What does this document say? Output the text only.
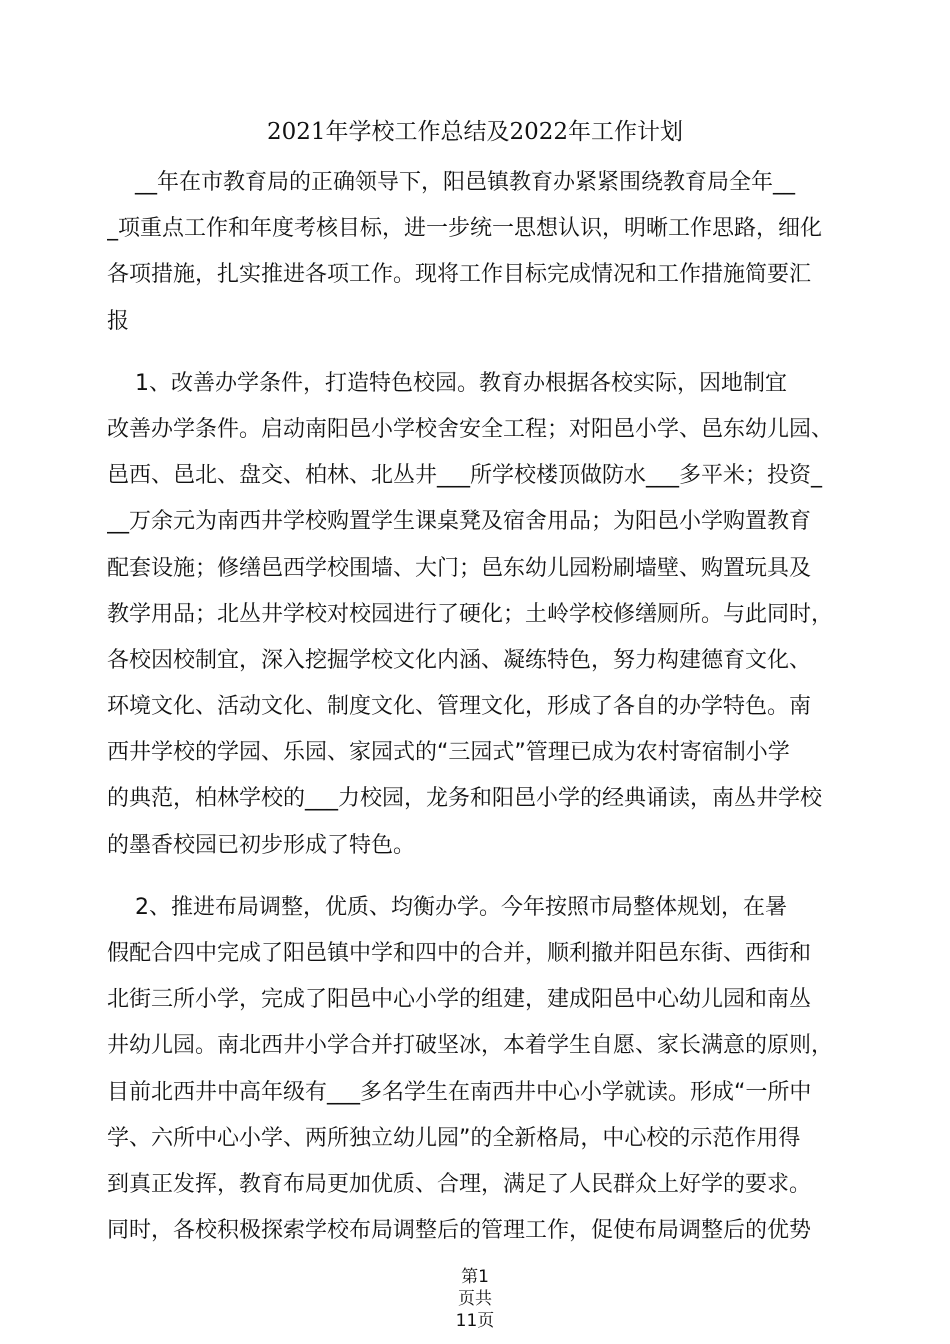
2021年学校工作总结及2022年工作计划
__年在市教育局的正确领导下，阳邑镇教育办紧紧围绕教育局全年__
_项重点工作和年度考核目标，进一步统一思想认识，明晰工作思路，细化
各项措施，扎实推进各项工作。现将工作目标完成情况和工作措施简要汇
报
1、改善办学条件，打造特色校园。教育办根据各校实际，因地制宜
改善办学条件。启动南阳邑小学校舍安全工程；对阳邑小学、邑东幼儿园、
邑西、邑北、盘交、柏林、北丛井___所学校楼顶做防水___多平米；投资_
__万余元为南西井学校购置学生课桌凳及宿舍用品；为阳邑小学购置教育
配套设施；修缮邑西学校围墙、大门；邑东幼儿园粉刷墙壁、购置玩具及
教学用品；北丛井学校对校园进行了硬化；土岭学校修缮厕所。与此同时，
各校因校制宜，深入挖掘学校文化内涵、凝练特色，努力构建德育文化、
环境文化、活动文化、制度文化、管理文化，形成了各自的办学特色。南
西井学校的学园、乐园、家园式的“三园式”管理已成为农村寄宿制小学
的典范，柏林学校的___力校园，龙务和阳邑小学的经典诵读，南丛井学校
的墨香校园已初步形成了特色。
2、推进布局调整，优质、均衡办学。今年按照市局整体规划，在暑
假配合四中完成了阳邑镇中学和四中的合并，顺利撤并阳邑东街、西街和
北街三所小学，完成了阳邑中心小学的组建，建成阳邑中心幼儿园和南丛
井幼儿园。南北西井小学合并打破坚冰，本着学生自愿、家长满意的原则，
目前北西井中高年级有___多名学生在南西井中心小学就读。形成“一所中
学、六所中心小学、两所独立幼儿园”的全新格局，中心校的示范作用得
到真正发挥，教育布局更加优质、合理，满足了人民群众上好学的要求。
同时，各校积极探索学校布局调整后的管理工作，促使布局调整后的优势
第1
页共
11页
